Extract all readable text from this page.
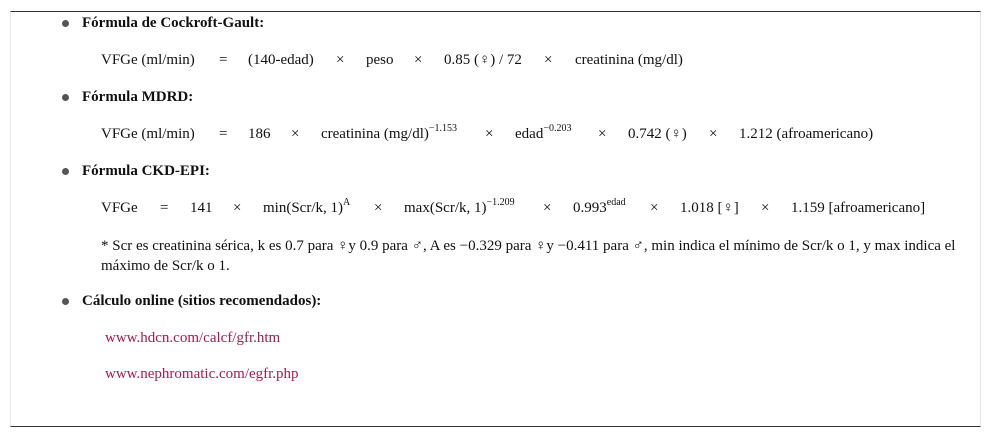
Fórmula de Cockroft-Gault:
VFGe (ml/min) = (140-edad) × peso × 0.85 (♀) / 72 × creatinina (mg/dl)
Fórmula MDRD:
VFGe (ml/min) = 186 × creatinina $(mg/dl)^{-1.153}$ × edad$^{-0.203}$ × 0.742 (♀) × 1.212 (afroamericano)
Fórmula CKD-EPI:
VFGe = 141 × min(Scr/k, 1)$^A$ × max(Scr/k, $1)^{-1.209} \times 0.993^{edad} \times 1.018$ [♀] × 1.159 [afroamericano]
* Scr es creatinina sérica, k es 0.7 para ♀y 0.9 para ♂, A es −0.329 para ♀y −0.411 para ♂, min indica el mínimo de Scr/k o 1, y max indica el máximo de Scr/k o 1.
Cálculo online (sitios recomendados):
www.hdcn.com/calcf/gfr.htm
www.nephromatic.com/egfr.php
